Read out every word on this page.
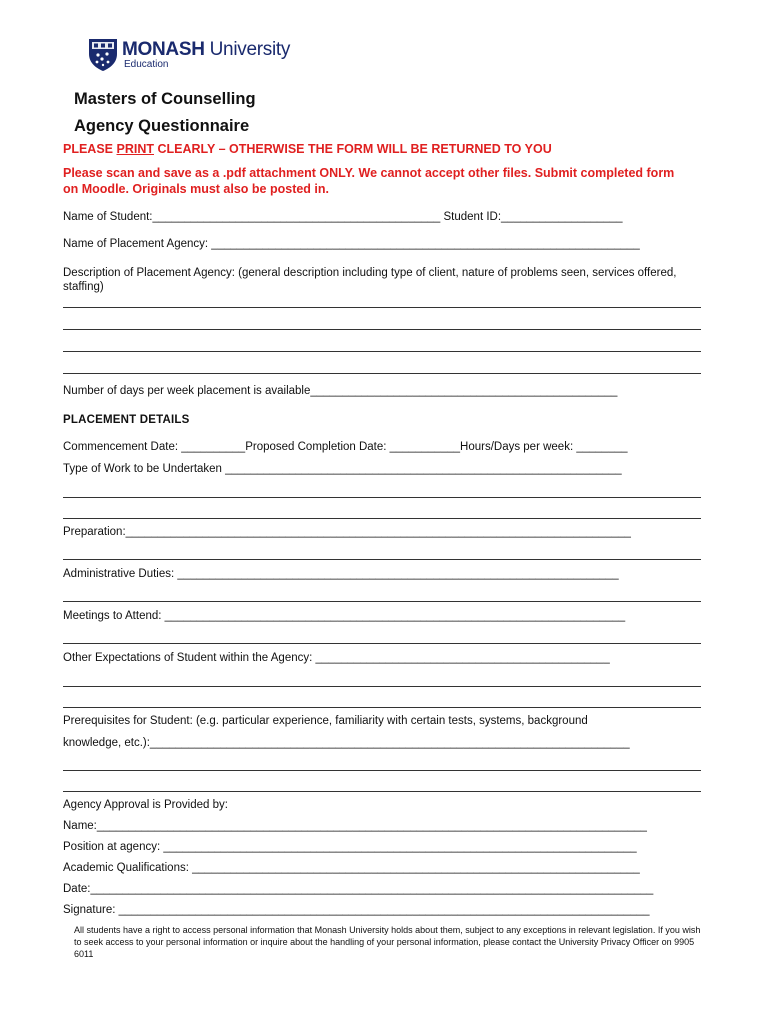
MONASH University
Education
Masters of Counselling
Agency Questionnaire
PLEASE PRINT CLEARLY – OTHERWISE THE FORM WILL BE RETURNED TO YOU
Please scan and save as a .pdf attachment ONLY. We cannot accept other files. Submit completed form on Moodle. Originals must also be posted in.
Name of Student:_____________________________________________ Student ID:___________________
Name of Placement Agency: ___________________________________________________________________
Description of Placement Agency: (general description including type of client, nature of problems seen, services offered, staffing)
Number of days per week placement is available________________________________________________
PLACEMENT DETAILS
Commencement Date: __________Proposed Completion Date: ___________Hours/Days per week: ________
Type of Work to be Undertaken ______________________________________________________________
Preparation:_______________________________________________________________________________
Administrative Duties: _____________________________________________________________________
Meetings to Attend: ________________________________________________________________________
Other Expectations of Student within the Agency: ______________________________________________
Prerequisites for Student: (e.g. particular experience, familiarity with certain tests, systems, background
knowledge, etc.):___________________________________________________________________________
Agency Approval is Provided by:
Name:______________________________________________________________________________________
Position at agency: __________________________________________________________________________
Academic Qualifications: ______________________________________________________________________
Date:________________________________________________________________________________________
Signature: ___________________________________________________________________________________
All students have a right to access personal information that Monash University holds about them, subject to any exceptions in relevant legislation. If you wish to seek access to your personal information or inquire about the handling of your personal information, please contact the University Privacy Officer on 9905 6011
